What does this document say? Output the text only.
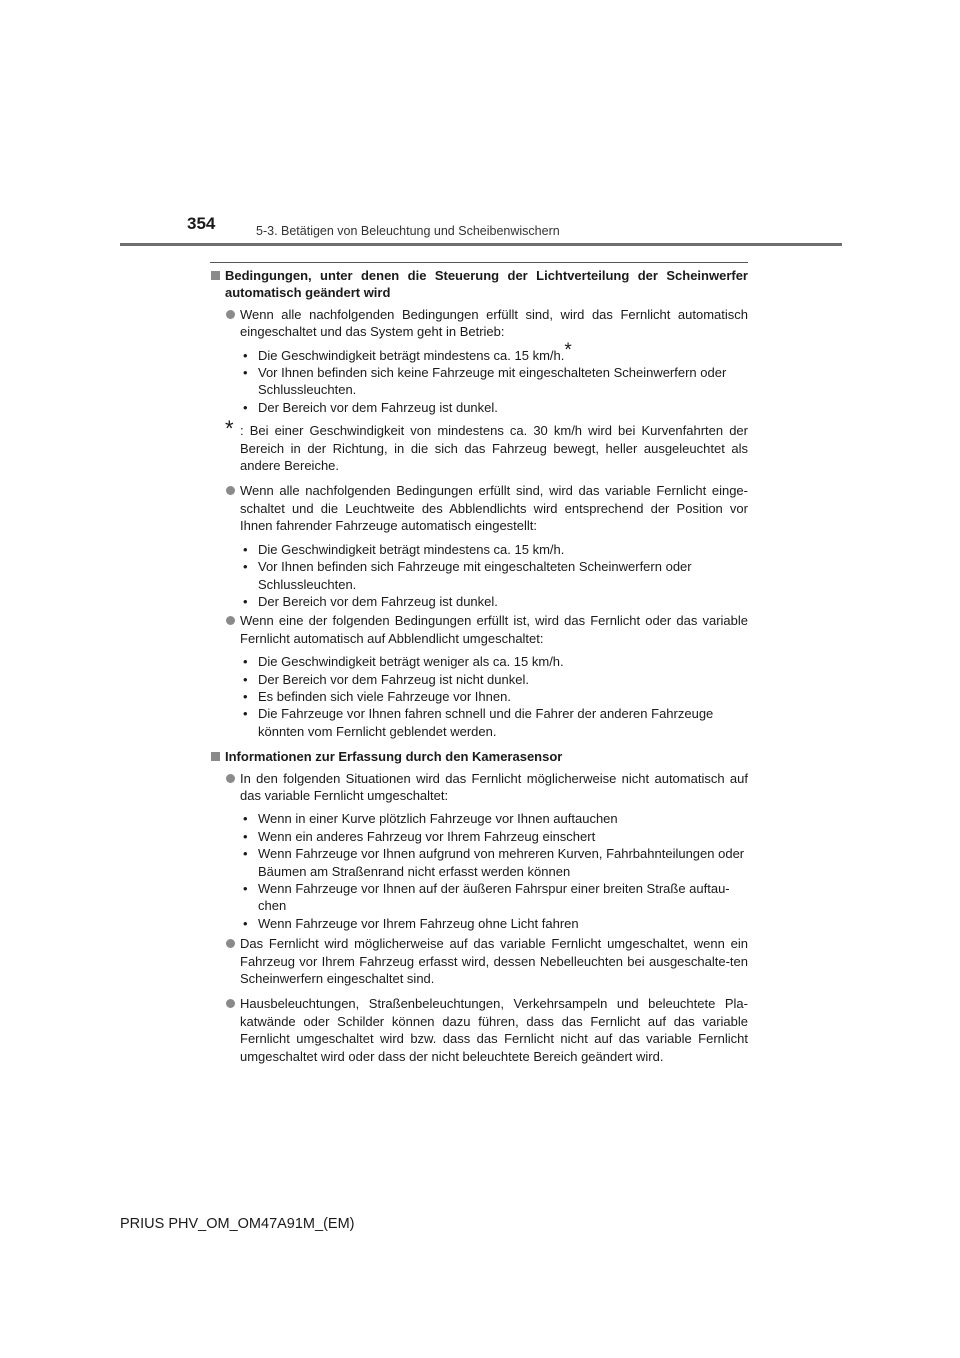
354	5-3. Betätigen von Beleuchtung und Scheibenwischern
Bedingungen, unter denen die Steuerung der Lichtverteilung der Scheinwerfer automatisch geändert wird
Wenn alle nachfolgenden Bedingungen erfüllt sind, wird das Fernlicht automatisch eingeschaltet und das System geht in Betrieb:
• Die Geschwindigkeit beträgt mindestens ca. 15 km/h.*
• Vor Ihnen befinden sich keine Fahrzeuge mit eingeschalteten Scheinwerfern oder Schlussleuchten.
• Der Bereich vor dem Fahrzeug ist dunkel.
* : Bei einer Geschwindigkeit von mindestens ca. 30 km/h wird bei Kurvenfahrten der Bereich in der Richtung, in die sich das Fahrzeug bewegt, heller ausgeleuchtet als andere Bereiche.
Wenn alle nachfolgenden Bedingungen erfüllt sind, wird das variable Fernlicht einge-schaltet und die Leuchtweite des Abblendlichts wird entsprechend der Position vor Ihnen fahrender Fahrzeuge automatisch eingestellt:
• Die Geschwindigkeit beträgt mindestens ca. 15 km/h.
• Vor Ihnen befinden sich Fahrzeuge mit eingeschalteten Scheinwerfern oder Schlussleuchten.
• Der Bereich vor dem Fahrzeug ist dunkel.
Wenn eine der folgenden Bedingungen erfüllt ist, wird das Fernlicht oder das variable Fernlicht automatisch auf Abblendlicht umgeschaltet:
• Die Geschwindigkeit beträgt weniger als ca. 15 km/h.
• Der Bereich vor dem Fahrzeug ist nicht dunkel.
• Es befinden sich viele Fahrzeuge vor Ihnen.
• Die Fahrzeuge vor Ihnen fahren schnell und die Fahrer der anderen Fahrzeuge könnten vom Fernlicht geblendet werden.
Informationen zur Erfassung durch den Kamerasensor
In den folgenden Situationen wird das Fernlicht möglicherweise nicht automatisch auf das variable Fernlicht umgeschaltet:
• Wenn in einer Kurve plötzlich Fahrzeuge vor Ihnen auftauchen
• Wenn ein anderes Fahrzeug vor Ihrem Fahrzeug einschert
• Wenn Fahrzeuge vor Ihnen aufgrund von mehreren Kurven, Fahrbahnteilungen oder Bäumen am Straßenrand nicht erfasst werden können
• Wenn Fahrzeuge vor Ihnen auf der äußeren Fahrspur einer breiten Straße auftau-chen
• Wenn Fahrzeuge vor Ihrem Fahrzeug ohne Licht fahren
Das Fernlicht wird möglicherweise auf das variable Fernlicht umgeschaltet, wenn ein Fahrzeug vor Ihrem Fahrzeug erfasst wird, dessen Nebelleuchten bei ausgeschalte-ten Scheinwerfern eingeschaltet sind.
Hausbeleuchtungen, Straßenbeleuchtungen, Verkehrsampeln und beleuchtete Pla-katwände oder Schilder können dazu führen, dass das Fernlicht auf das variable Fernlicht umgeschaltet wird bzw. dass das Fernlicht nicht auf das variable Fernlicht umgeschaltet wird oder dass der nicht beleuchtete Bereich geändert wird.
PRIUS PHV_OM_OM47A91M_(EM)
